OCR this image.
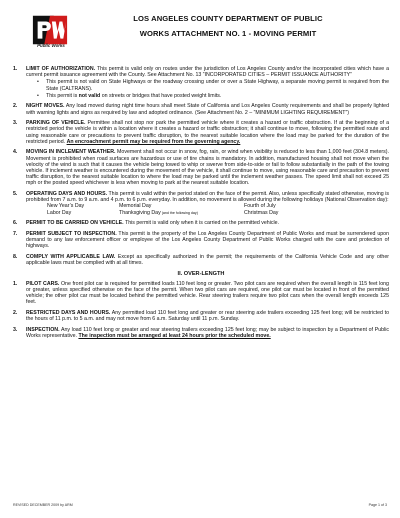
Public Works
LOS ANGELES COUNTY DEPARTMENT OF PUBLIC
WORKS ATTACHMENT NO. 1 - MOVING PERMIT
1. LIMIT OF AUTHORIZATION. This permit is valid only on routes under the jurisdiction of Los Angeles County and/or the incorporated cities which have a current permit issuance agreement with the County. See Attachment No. 13 “INCORPORATED CITIES – PERMIT ISSUANCE AUTHORITY”
• This permit is not valid on State Highways or the roadway crossing under or over a State Highway, a separate moving permit is required from the State (CALTRANS).
• This permit is not valid on streets or bridges that have posted weight limits.
2. NIGHT MOVES. Any load moved during night time hours shall meet State of California and Los Angeles County requirements and shall be properly lighted with warning lights and signs as required by law and adopted ordinance. (See Attachment No. 2 – “MINIMUM LIGHTING REQUIREMENT”)
3. PARKING OF VEHICLE. Permittee shall not stop nor park the permitted vehicle where it creates a hazard or traffic obstruction. If at the beginning of a restricted period the vehicle is within a location where it creates a hazard or traffic obstruction; it shall continue to move, following the permitted route and using reasonable care or precautions to prevent traffic disruption, to the nearest suitable location where the load may be parked for the duration of the restricted period. An encroachment permit may be required from the governing agency.
4. MOVING IN INCLEMENT WEATHER. Movement shall not occur in snow, fog, rain, or wind when visibility is reduced to less than 1,000 feet (304.8 meters). Movement is prohibited when road surfaces are hazardous or use of tire chains is mandatory. In addition, manufactured housing shall not move when the velocity of the wind is such that it causes the vehicle being towed to whip or swerve from side-to-side or fail to follow substantially in the path of the towing vehicle. If inclement weather is encountered during the movement of the vehicle, it shall continue to move, using reasonable care and precaution to prevent traffic disruption, to the nearest suitable location to where the load may be parked until the inclement weather passes. The speed limit shall not exceed 25 mph or the posted speed whichever is less when moving to park at the nearest suitable location.
5. OPERATING DAYS AND HOURS. This permit is valid within the period stated on the face of the permit. Also, unless specifically stated otherwise, moving is prohibited from 7 a.m. to 9 a.m. and 4 p.m. to 6 p.m. everyday. In addition, no movement is allowed during the following holidays (National Observation day):
New Year’s Day	Memorial Day	Fourth of July
Labor Day	Thanksgiving Day (and the following day)	Christmas Day
6. PERMIT TO BE CARRIED ON VEHICLE. This permit is valid only when it is carried on the permitted vehicle.
7. PERMIT SUBJECT TO INSPECTION. This permit is the property of the Los Angeles County Department of Public Works and must be surrendered upon demand to any law enforcement officer or employee of the Los Angeles County Department of Public Works charged with the care and protection of highways.
8. COMPLY WITH APPLICABLE LAW. Except as specifically authorized in the permit; the requirements of the California Vehicle Code and any other applicable laws must be complied with at all times.
II. OVER-LENGTH
1. PILOT CARS. One front pilot car is required for permitted loads 110 feet long or greater. Two pilot cars are required when the overall length is 115 feet long or greater, unless specified otherwise on the face of the permit. When two pilot cars are required, one pilot car must be located in front of the permitted vehicle; the other pilot car must be located behind the permitted vehicle. Rear steering trailers require two pilot cars when the overall length exceeds 125 feet.
2. RESTRICTED DAYS AND HOURS. Any permitted load 110 feet long and greater or rear steering axle trailers exceeding 125 feet long; will be restricted to the hours of 11 p.m. to 5 a.m. and may not move from 6 a.m. Saturday until 11 p.m. Sunday.
3. INSPECTION. Any load 110 feet long or greater and rear steering trailers exceeding 125 feet long; may be subject to inspection by a Department of Public Works representative. The inspection must be arranged at least 24 hours prior the scheduled move.
REVISED DECEMBER 2009 by ARM	Page 1 of 3
